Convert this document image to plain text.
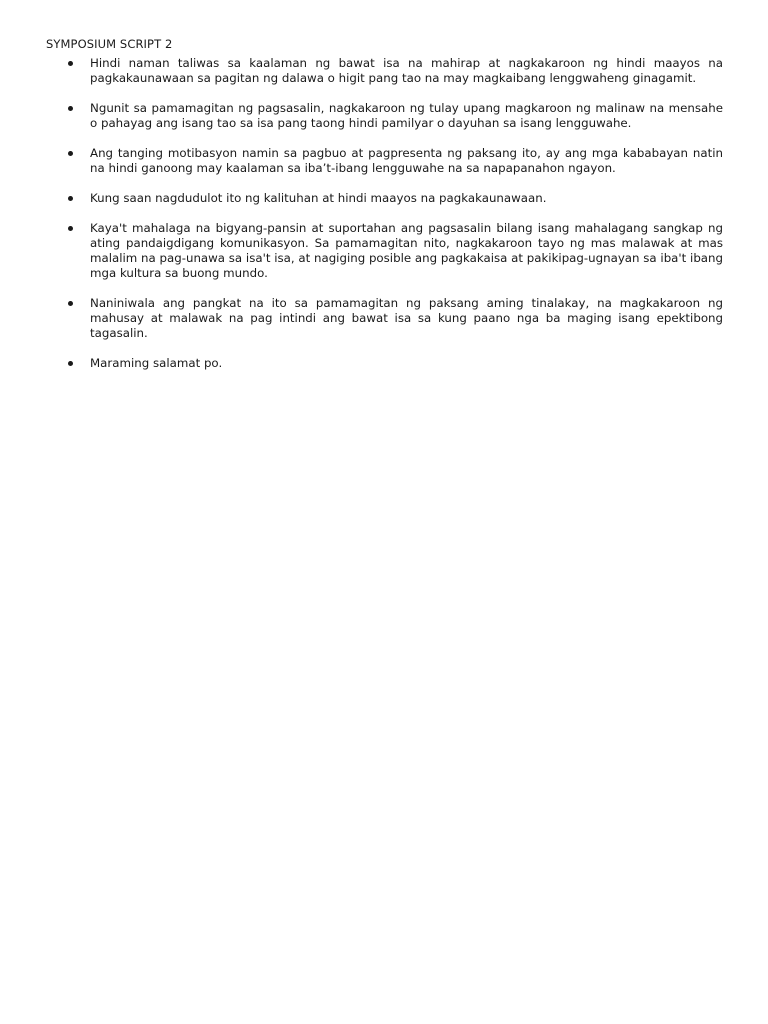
SYMPOSIUM SCRIPT 2
Hindi naman taliwas sa kaalaman ng bawat isa na mahirap at nagkakaroon ng hindi maayos na pagkakaunawaan sa pagitan ng dalawa o higit pang tao na may magkaibang lenggwaheng ginagamit.
Ngunit sa pamamagitan ng pagsasalin, nagkakaroon ng tulay upang magkaroon ng malinaw na mensahe o pahayag ang isang tao sa isa pang taong hindi pamilyar o dayuhan sa isang lengguwahe.
Ang tanging motibasyon namin sa pagbuo at pagpresenta ng paksang ito, ay ang mga kababayan natin na hindi ganoong may kaalaman sa iba’t-ibang lengguwahe na sa napapanahon ngayon.
Kung saan nagdudulot ito ng kalituhan at hindi maayos na pagkakaunawaan.
Kaya't mahalaga na bigyang-pansin at suportahan ang pagsasalin bilang isang mahalagang sangkap ng ating pandaigdigang komunikasyon. Sa pamamagitan nito, nagkakaroon tayo ng mas malawak at mas malalim na pag-unawa sa isa't isa, at nagiging posible ang pagkakaisa at pakikipag-ugnayan sa iba't ibang mga kultura sa buong mundo.
Naniniwala ang pangkat na ito sa pamamagitan ng paksang aming tinalakay, na magkakaroon ng mahusay at malawak na pag intindi ang bawat isa sa kung paano nga ba maging isang epektibong tagasalin.
Maraming salamat po.
